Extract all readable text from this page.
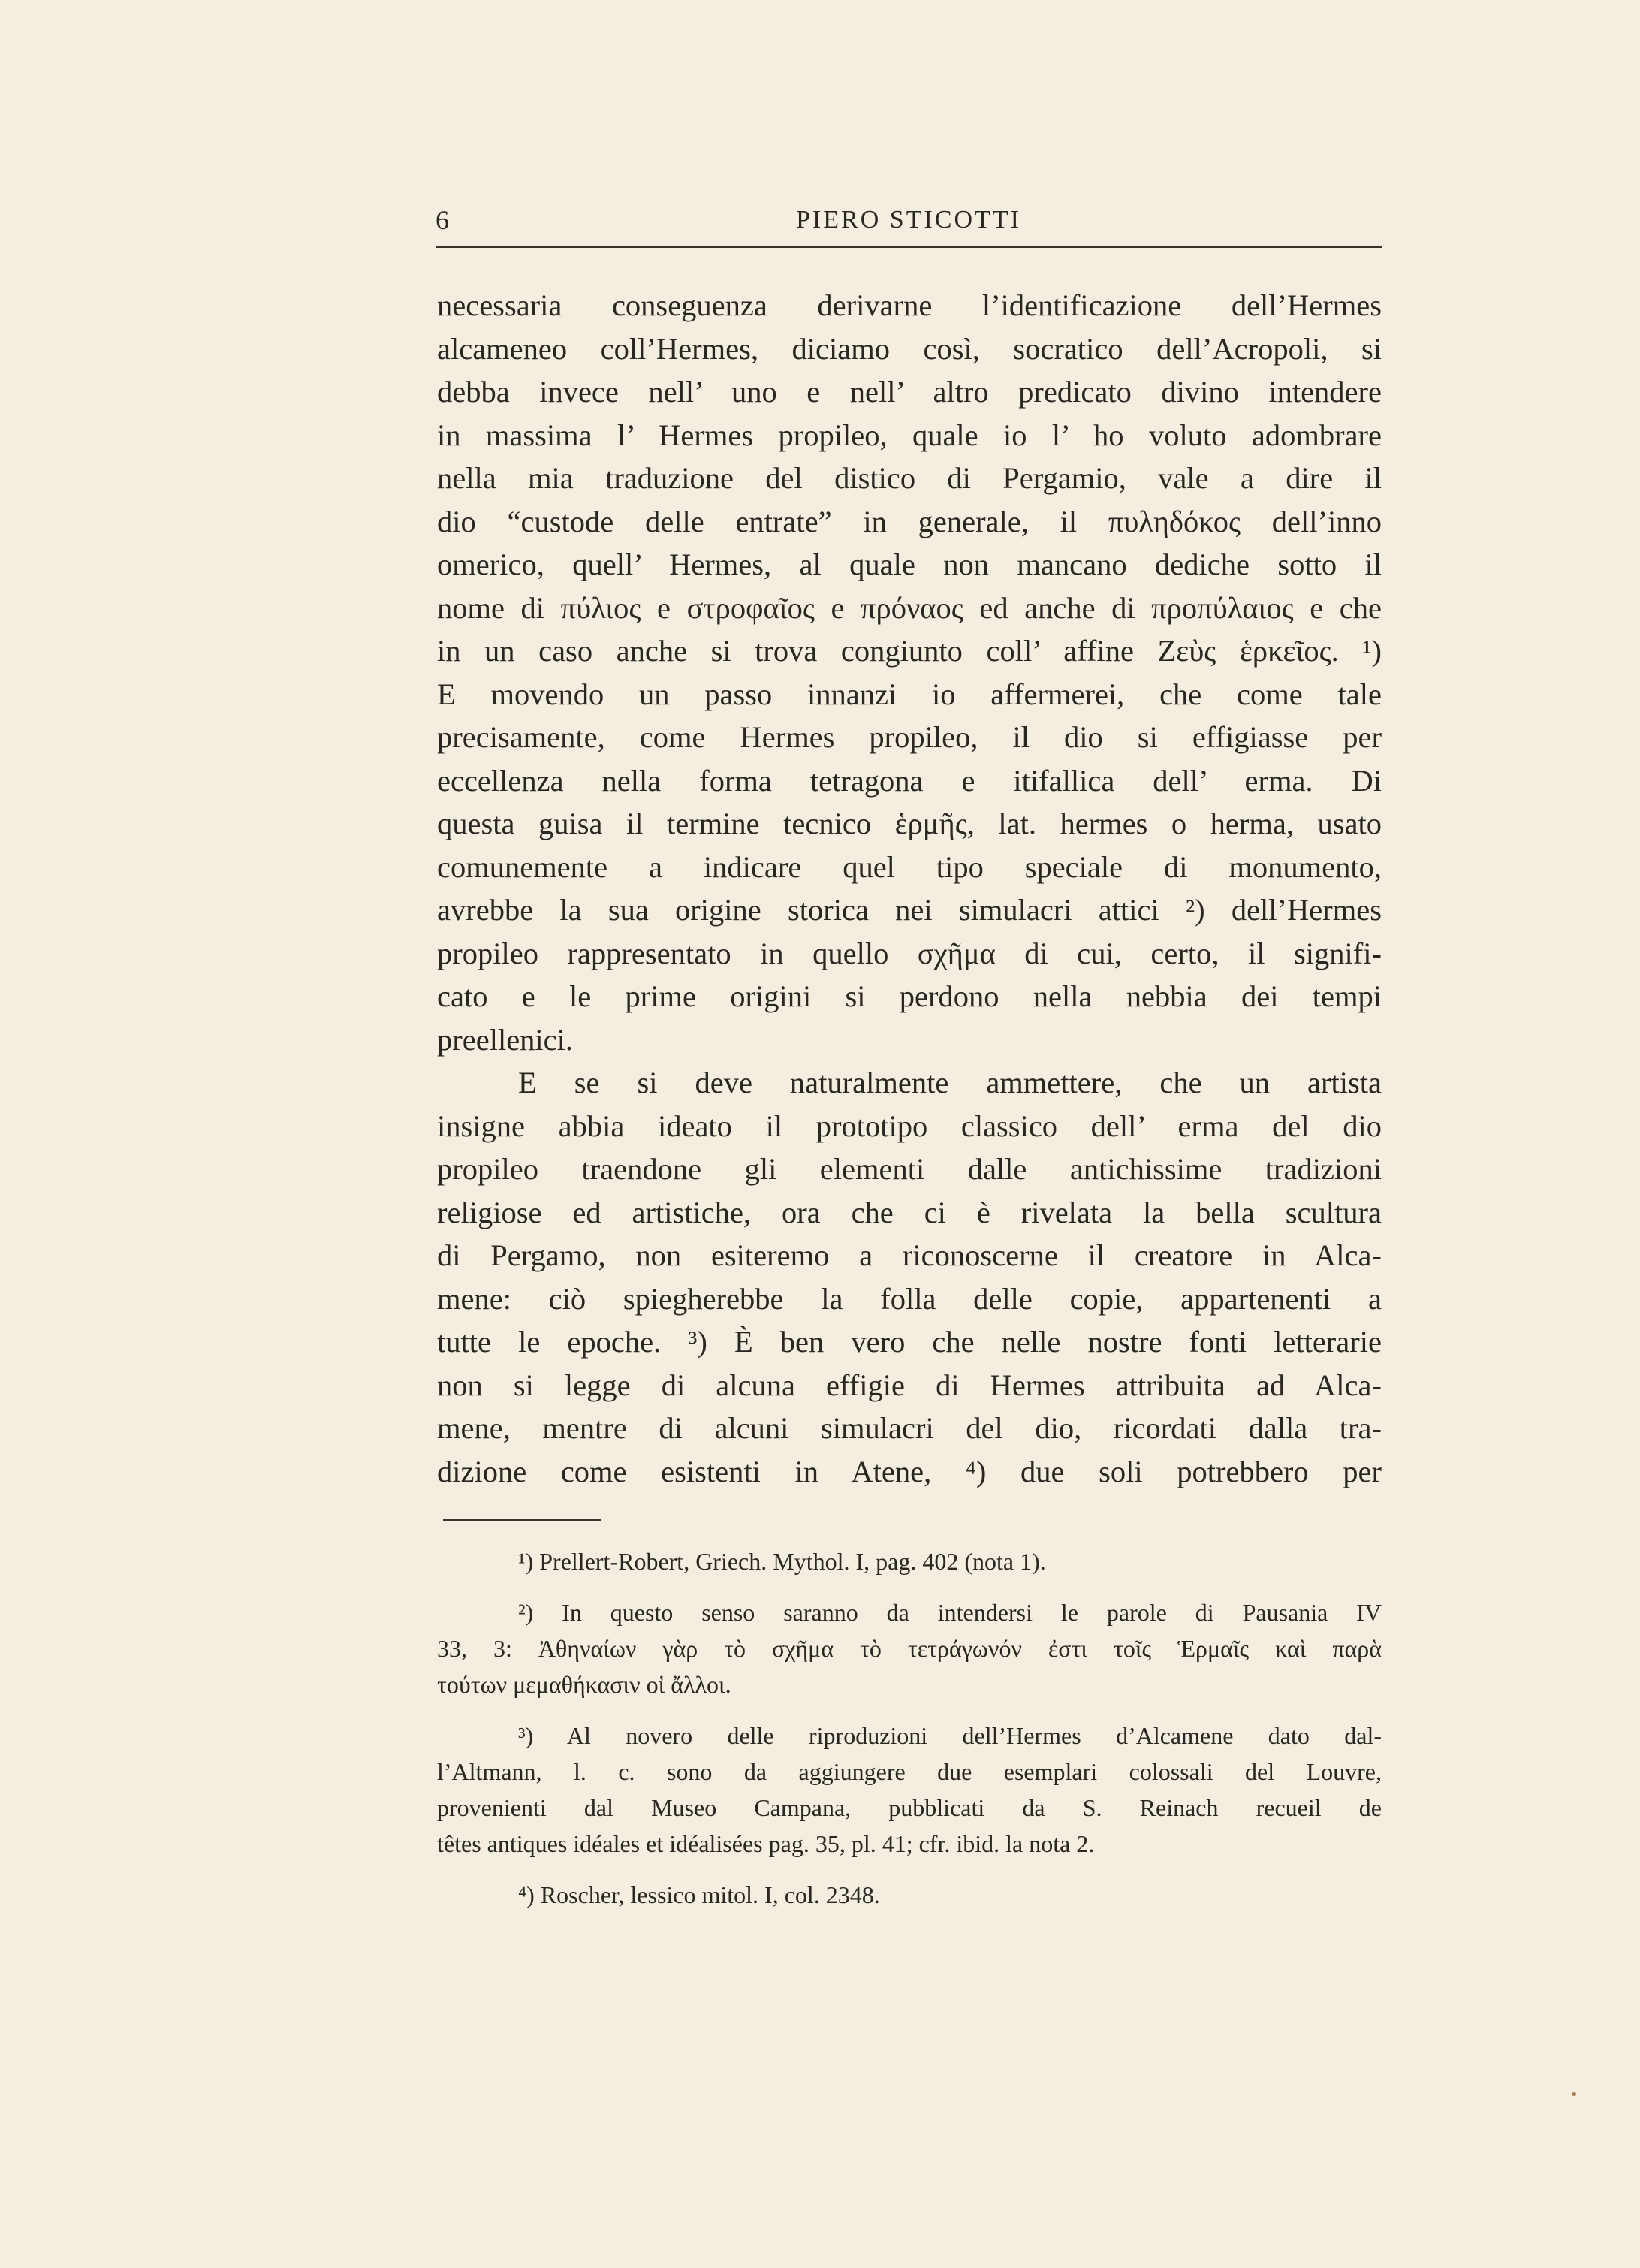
6	PIERO STICOTTI
necessaria conseguenza derivarne l’identificazione dell’Hermes
alcameneo coll’Hermes, diciamo così, socratico dell’Acropoli, si
debba invece nell’ uno e nell’ altro predicato divino intendere
in massima l’ Hermes propileo, quale io l’ ho voluto adombrare
nella mia traduzione del distico di Pergamio, vale a dire il
dio “custode delle entrate” in generale, il πυληδόκος dell’inno
omerico, quell’ Hermes, al quale non mancano dediche sotto il
nome di πύλιος e στροφαῖος e πρόναος ed anche di προπύλαιος e che
in un caso anche si trova congiunto coll’ affine Ζεὺς ἑρκεῖος. ¹)
E movendo un passo innanzi io affermerei, che come tale
precisamente, come Hermes propileo, il dio si effigiasse per
eccellenza nella forma tetragona e itifallica dell’ erma. Di
questa guisa il termine tecnico ἑρμῆς, lat. hermes o herma, usato
comunemente a indicare quel tipo speciale di monumento,
avrebbe la sua origine storica nei simulacri attici ²) dell’Hermes
propileo rappresentato in quello σχῆμα di cui, certo, il signifi-
cato e le prime origini si perdono nella nebbia dei tempi
preellenici.
E se si deve naturalmente ammettere, che un artista
insigne abbia ideato il prototipo classico dell’ erma del dio
propileo traendone gli elementi dalle antichissime tradizioni
religiose ed artistiche, ora che ci è rivelata la bella scultura
di Pergamo, non esiteremo a riconoscerne il creatore in Alca-
mene: ciò spiegherebbe la folla delle copie, appartenenti a
tutte le epoche. ³) È ben vero che nelle nostre fonti letterarie
non si legge di alcuna effigie di Hermes attribuita ad Alca-
mene, mentre di alcuni simulacri del dio, ricordati dalla tra-
dizione come esistenti in Atene, ⁴) due soli potrebbero per
¹) Prellert-Robert, Griech. Mythol. I, pag. 402 (nota 1).
²) In questo senso saranno da intendersi le parole di Pausania IV
33, 3: Ἀθηναίων γὰρ τὸ σχῆμα τὸ τετράγωνόν ἐστι τοῖς Ἑρμαῖς καὶ παρὰ
τούτων μεμαθήκασιν οἱ ἄλλοι.
³) Al novero delle riproduzioni dell’Hermes d’Alcamene dato dal-
l’Altmann, l. c. sono da aggiungere due esemplari colossali del Louvre,
provenienti dal Museo Campana, pubblicati da S. Reinach recueil de
têtes antiques idéales et idéalisées pag. 35, pl. 41; cfr. ibid. la nota 2.
⁴) Roscher, lessico mitol. I, col. 2348.
